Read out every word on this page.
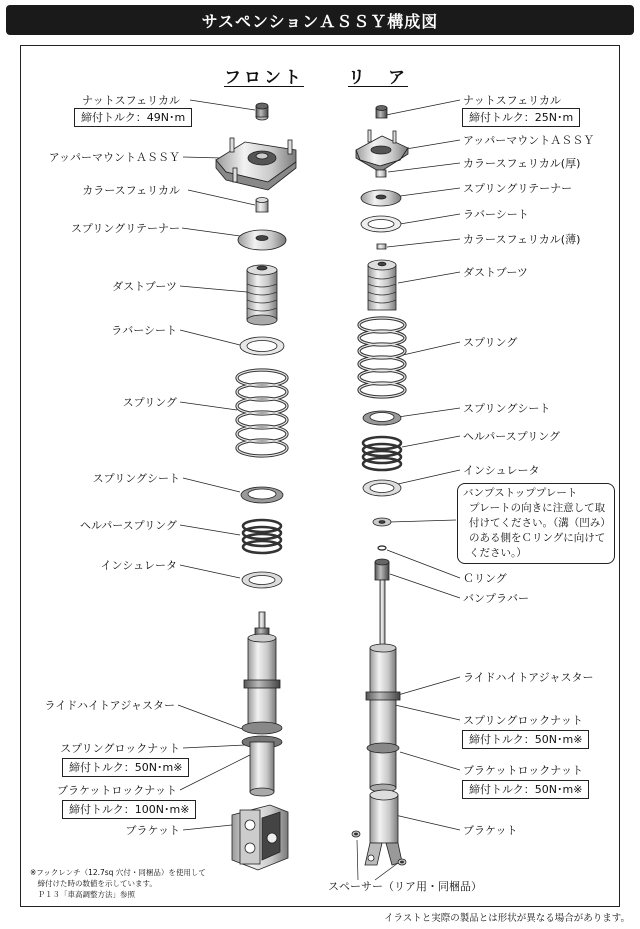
サスペンションＡＳＳＹ構成図
フロント	リ　ア
ナットスフェリカル
締付トルク：49N･m
アッパーマウントＡＳＳＹ
カラースフェリカル
スプリングリテーナー
ダストブーツ
ラバーシート
スプリング
スプリングシート
ヘルパースプリング
インシュレータ
ライドハイトアジャスター
スプリングロックナット
締付トルク：50N･m※
ブラケットロックナット
締付トルク：100N･m※
ブラケット
ナットスフェリカル
締付トルク：25N･m
アッパーマウントＡＳＳＹ
カラースフェリカル(厚)
スプリングリテーナー
ラバーシート
カラースフェリカル(薄)
ダストブーツ
スプリング
スプリングシート
ヘルパースプリング
インシュレータ
バンプストッププレート
プレートの向きに注意して取付けてください。（溝（凹み）のある側をＣリングに向けてください。）
Ｃリング
バンプラバー
ライドハイトアジャスター
スプリングロックナット
締付トルク：50N･m※
ブラケットロックナット
締付トルク：50N･m※
ブラケット
スペーサー（リア用・同梱品）
※フックレンチ（12.7sq 穴付・同梱品）を使用して
　締付けた時の数値を示しています。
　Ｐ１３「車高調整方法」参照
イラストと実際の製品とは形状が異なる場合があります。
